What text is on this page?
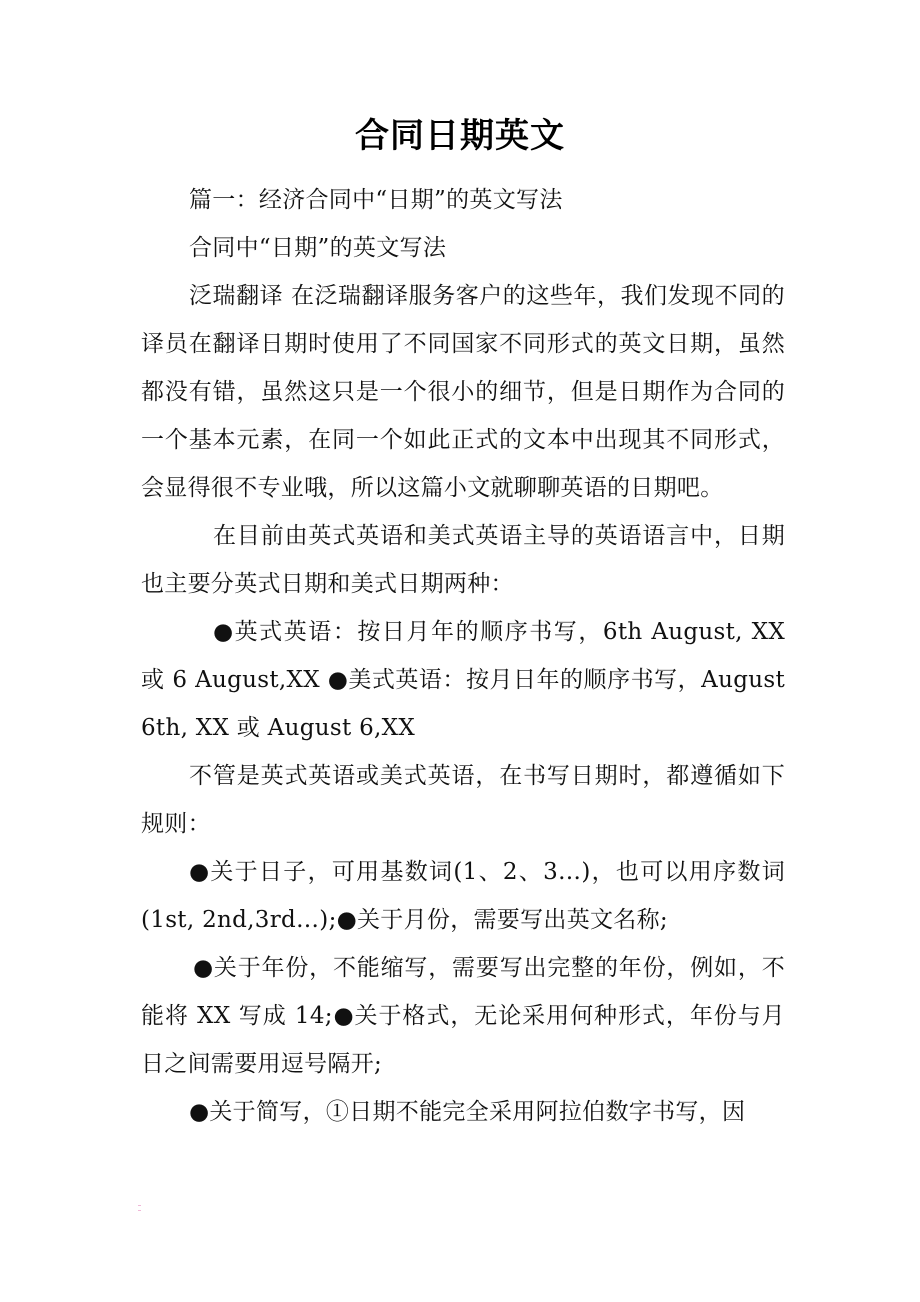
合同日期英文

篇一：经济合同中“日期”的英文写法

合同中“日期”的英文写法

泛瑞翻译 在泛瑞翻译服务客户的这些年，我们发现不同的译员在翻译日期时使用了不同国家不同形式的英文日期，虽然都没有错，虽然这只是一个很小的细节，但是日期作为合同的一个基本元素，在同一个如此正式的文本中出现其不同形式，会显得很不专业哦，所以这篇小文就聊聊英语的日期吧。

在目前由英式英语和美式英语主导的英语语言中，日期也主要分英式日期和美式日期两种：

●英式英语：按日月年的顺序书写，6th August, XX 或 6 August,XX ●美式英语：按月日年的顺序书写，August 6th, XX 或 August 6,XX

不管是英式英语或美式英语，在书写日期时，都遵循如下规则：

●关于日子，可用基数词(1、2、3…)，也可以用序数词(1st, 2nd,3rd…);●关于月份，需要写出英文名称;

●关于年份，不能缩写，需要写出完整的年份，例如，不能将 XX 写成 14;●关于格式，无论采用何种形式，年份与月日之间需要用逗号隔开;

●关于简写，①日期不能完全采用阿拉伯数字书写，因
